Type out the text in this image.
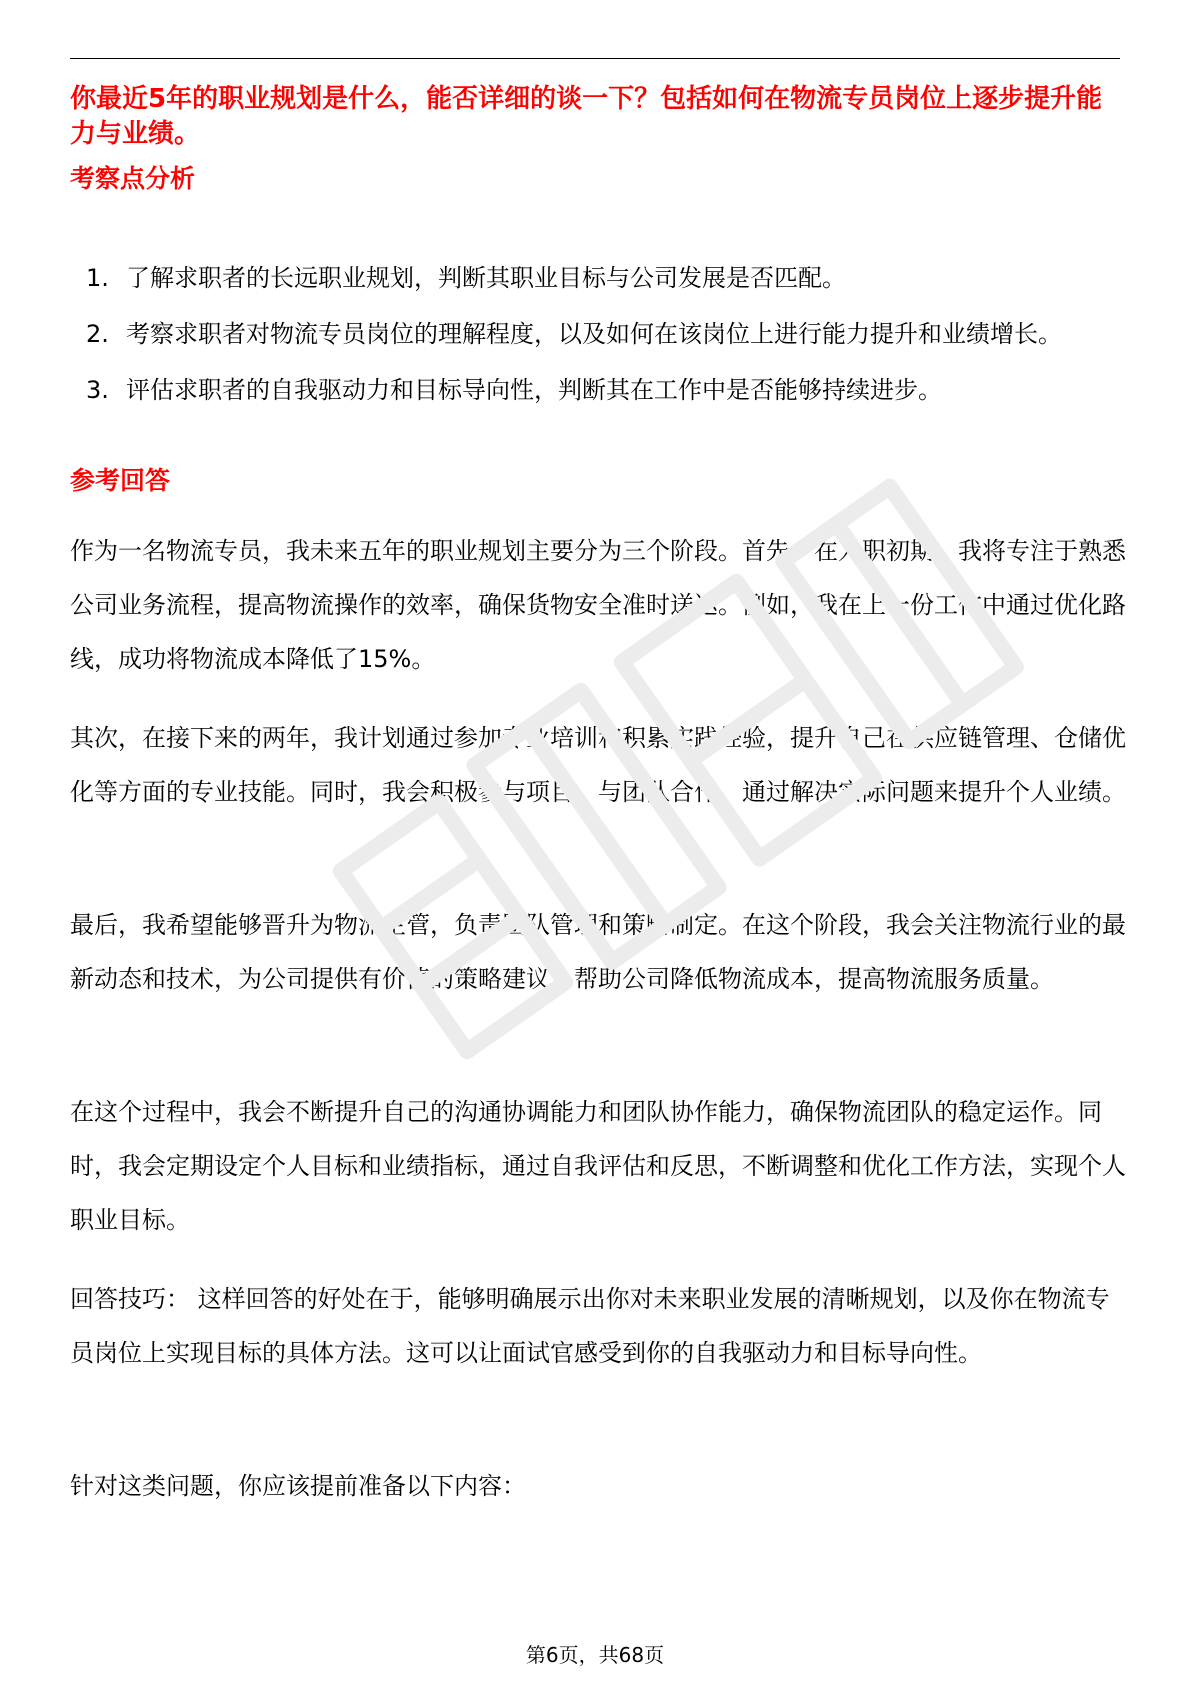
你最近5年的职业规划是什么，能否详细的谈一下？包括如何在物流专员岗位上逐步提升能力与业绩。

考察点分析
1. 了解求职者的长远职业规划，判断其职业目标与公司发展是否匹配。
2. 考察求职者对物流专员岗位的理解程度，以及如何在该岗位上进行能力提升和业绩增长。
3. 评估求职者的自我驱动力和目标导向性，判断其在工作中是否能够持续进步。
参考回答

作为一名物流专员，我未来五年的职业规划主要分为三个阶段。首先，在入职初期，我将专注于熟悉公司业务流程，提高物流操作的效率，确保货物安全准时送达。例如，我在上一份工作中通过优化路线，成功将物流成本降低了15%。

其次，在接下来的两年，我计划通过参加专业培训和积累实践经验，提升自己在供应链管理、仓储优化等方面的专业技能。同时，我会积极参与项目，与团队合作，通过解决实际问题来提升个人业绩。

最后，我希望能够晋升为物流主管，负责团队管理和策略制定。在这个阶段，我会关注物流行业的最新动态和技术，为公司提供有价值的策略建议，帮助公司降低物流成本，提高物流服务质量。

在这个过程中，我会不断提升自己的沟通协调能力和团队协作能力，确保物流团队的稳定运作。同时，我会定期设定个人目标和业绩指标，通过自我评估和反思，不断调整和优化工作方法，实现个人职业目标。

回答技巧： 这样回答的好处在于，能够明确展示出你对未来职业发展的清晰规划，以及你在物流专员岗位上实现目标的具体方法。这可以让面试官感受到你的自我驱动力和目标导向性。

针对这类问题，你应该提前准备以下内容：

第6页，共68页
